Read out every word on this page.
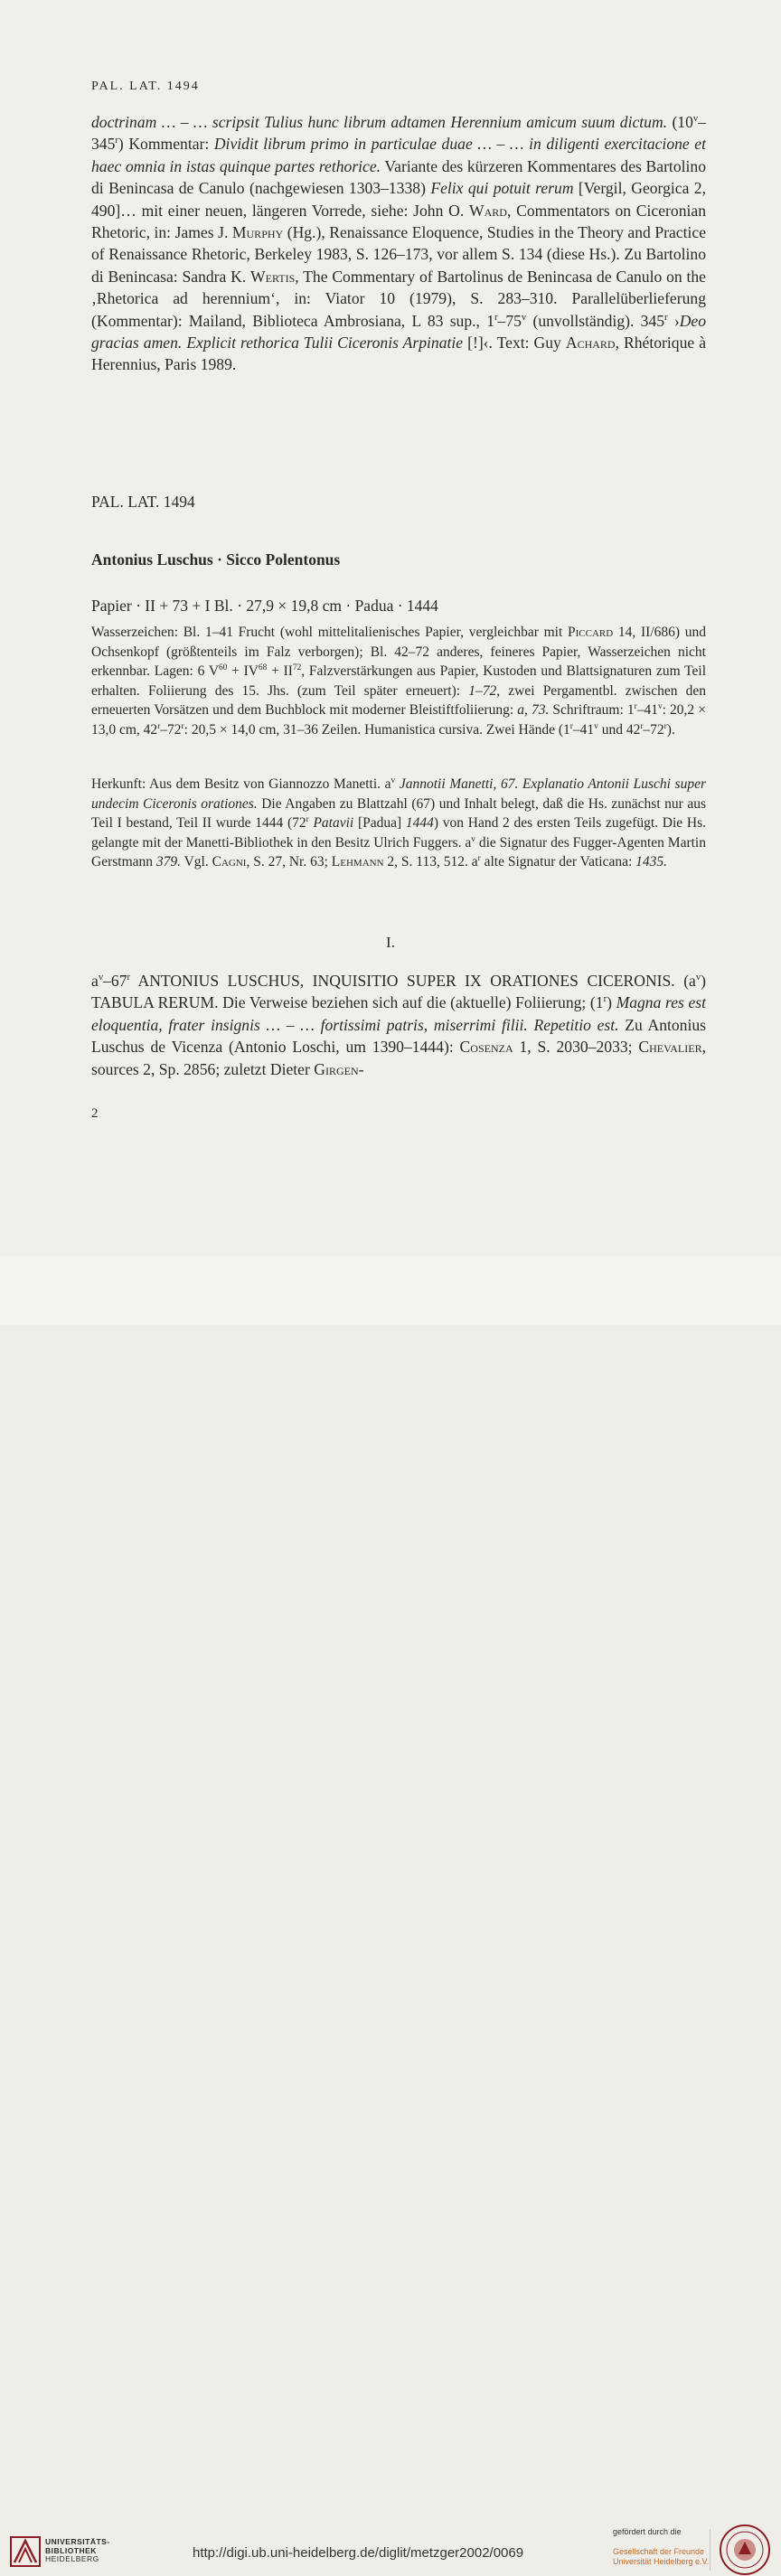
PAL. LAT. 1494
doctrinam … – … scripsit Tulius hunc librum adtamen Herennium amicum suum dictum. (10$^v$–345$^r$) Kommentar: Dividit librum primo in particulae duae … – … in diligenti exercitacione et haec omnia in istas quinque partes rethorice. Variante des kürzeren Kommentares des Bartolino di Benincasa de Canulo (nachgewiesen 1303–1338) Felix qui potuit rerum [Vergil, Georgica 2, 490]… mit einer neuen, längeren Vorrede, siehe: John O. Ward, Commentators on Ciceronian Rhetoric, in: James J. Murphy (Hg.), Renaissance Eloquence, Studies in the Theory and Practice of Renaissance Rhetoric, Berkeley 1983, S. 126–173, vor allem S. 134 (diese Hs.). Zu Bartolino di Benincasa: Sandra K. Wertis, The Commentary of Bartolinus de Benincasa de Canulo on the ‚Rhetorica ad herennium‘, in: Viator 10 (1979), S. 283–310. Parallelüberlieferung (Kommentar): Mailand, Biblioteca Ambrosiana, L 83 sup., 1$^r$–75$^v$ (unvollständig). 345$^r$ ›Deo gracias amen. Explicit rethorica Tulii Ciceronis Arpinatie [!]‹. Text: Guy Achard, Rhétorique à Herennius, Paris 1989.
PAL. LAT. 1494
Antonius Luschus · Sicco Polentonus
Papier · II + 73 + I Bl. · 27,9 × 19,8 cm · Padua · 1444
Wasserzeichen: Bl. 1–41 Frucht (wohl mittelitalienisches Papier, vergleichbar mit Piccard 14, II/686) und Ochsenkopf (größtenteils im Falz verborgen); Bl. 42–72 anderes, feineres Papier, Wasserzeichen nicht erkennbar. Lagen: 6 $V^{60} + IV^{68} + II^{72}$, Falzverstärkungen aus Papier, Kustoden und Blattsignaturen zum Teil erhalten. Foliierung des 15. Jhs. (zum Teil später erneuert): 1–72, zwei Pergamentbl. zwischen den erneuerten Vorsätzen und dem Buchblock mit moderner Bleistiftfoliierung: a, 73. Schriftraum: 1$^r$–41$^v$: 20,2 × 13,0 cm, 42$^r$–72$^r$: 20,5 × 14,0 cm, 31–36 Zeilen. Humanistica cursiva. Zwei Hände (1$^r$–41$^v$ und 42$^r$–72$^r$).
Herkunft: Aus dem Besitz von Giannozzo Manetti. $a^v$ Jannotii Manetti, 67. Explanatio Antonii Luschi super undecim Ciceronis orationes. Die Angaben zu Blattzahl (67) und Inhalt belegt, daß die Hs. zunächst nur aus Teil I bestand, Teil II wurde 1444 (72$^r$ Patavii [Padua] 1444) von Hand 2 des ersten Teils zugefügt. Die Hs. gelangte mit der Manetti-Bibliothek in den Besitz Ulrich Fuggers. $a^v$ die Signatur des Fugger-Agenten Martin Gerstmann 379. Vgl. Cagni, S. 27, Nr. 63; Lehmann 2, S. 113, 512. $a^r$ alte Signatur der Vaticana: 1435.
I.
$a^v-67^r$ ANTONIUS LUSCHUS, INQUISITIO SUPER IX ORATIONES CICERONIS. $(a^v)$ TABULA RERUM. Die Verweise beziehen sich auf die (aktuelle) Foliierung; (1$^r$) Magna res est eloquentia, frater insignis … – … fortissimi patris, miserrimi filii. Repetitio est. Zu Antonius Luschus de Vicenza (Antonio Loschi, um 1390–1444): Cosenza 1, S. 2030–2033; Chevalier, sources 2, Sp. 2856; zuletzt Dieter Girgen-
2
UNIVERSITÄTS-
BIBLIOTHEK
HEIDELBERG	http://digi.ub.uni-heidelberg.de/diglit/metzger2002/0069
gefördert durch die
Gesellschaft der Freunde
Universität Heidelberg e.V.
